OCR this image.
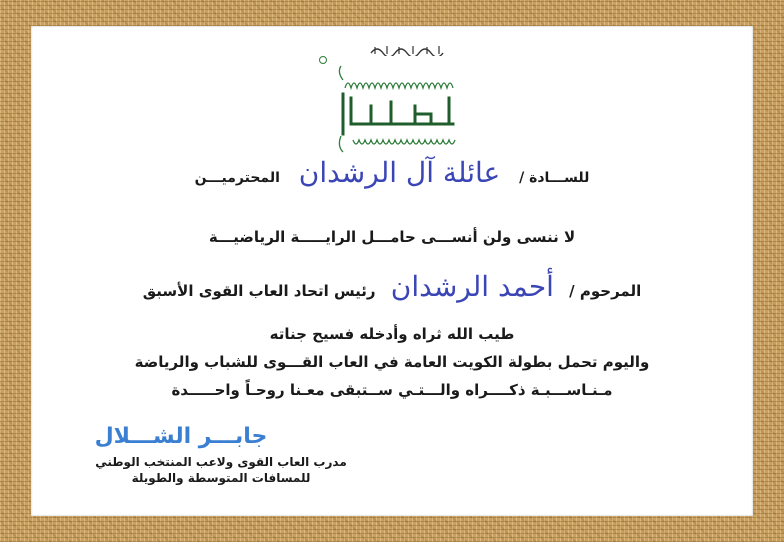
للســـادة / عائلة آل الرشدان المحترميـــن
لا ننسى ولن أنســـى حامـــل الرايـــــة الرياضيـــة
المرحوم / أحمد الرشدان رئيس اتحاد العاب القوى الأسبق
طيب الله ثراه وأدخله فسيح جناته
واليوم تحمل بطولة الكويت العامة في العاب القـــوى للشباب والرياضة
مـنـاســـبـة ذكــــراه والـــتـي ســتبقى معـنا روحـاً واحـــــدة
جابـــر الشـــلال
مدرب العاب القوى ولاعب المنتخب الوطني
للمسافات المتوسطة والطويلة
